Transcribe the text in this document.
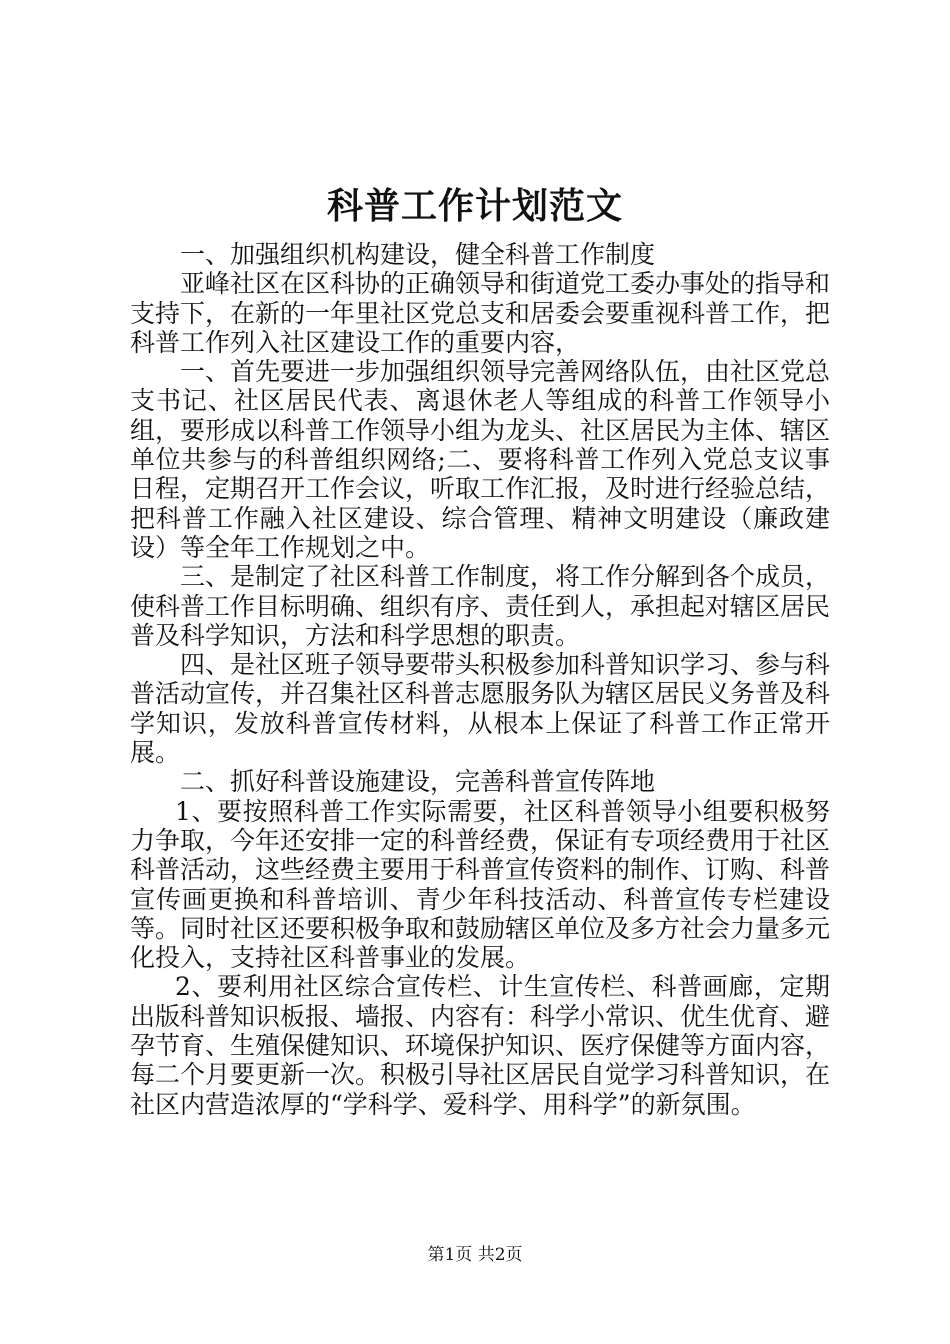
科普工作计划范文

一、加强组织机构建设，健全科普工作制度

亚峰社区在区科协的正确领导和街道党工委办事处的指导和支持下，在新的一年里社区党总支和居委会要重视科普工作，把科普工作列入社区建设工作的重要内容，

一、首先要进一步加强组织领导完善网络队伍，由社区党总支书记、社区居民代表、离退休老人等组成的科普工作领导小组，要形成以科普工作领导小组为龙头、社区居民为主体、辖区单位共参与的科普组织网络;二、要将科普工作列入党总支议事日程，定期召开工作会议，听取工作汇报，及时进行经验总结，把科普工作融入社区建设、综合管理、精神文明建设（廉政建设）等全年工作规划之中。

三、是制定了社区科普工作制度，将工作分解到各个成员，使科普工作目标明确、组织有序、责任到人，承担起对辖区居民普及科学知识，方法和科学思想的职责。

四、是社区班子领导要带头积极参加科普知识学习、参与科普活动宣传，并召集社区科普志愿服务队为辖区居民义务普及科学知识，发放科普宣传材料，从根本上保证了科普工作正常开展。

二、抓好科普设施建设，完善科普宣传阵地

1、要按照科普工作实际需要，社区科普领导小组要积极努力争取，今年还安排一定的科普经费，保证有专项经费用于社区科普活动，这些经费主要用于科普宣传资料的制作、订购、科普宣传画更换和科普培训、青少年科技活动、科普宣传专栏建设等。同时社区还要积极争取和鼓励辖区单位及多方社会力量多元化投入，支持社区科普事业的发展。

2、要利用社区综合宣传栏、计生宣传栏、科普画廊，定期出版科普知识板报、墙报、内容有：科学小常识、优生优育、避孕节育、生殖保健知识、环境保护知识、医疗保健等方面内容，每二个月要更新一次。积极引导社区居民自觉学习科普知识，在社区内营造浓厚的“学科学、爱科学、用科学”的新氛围。

第1页 共2页
